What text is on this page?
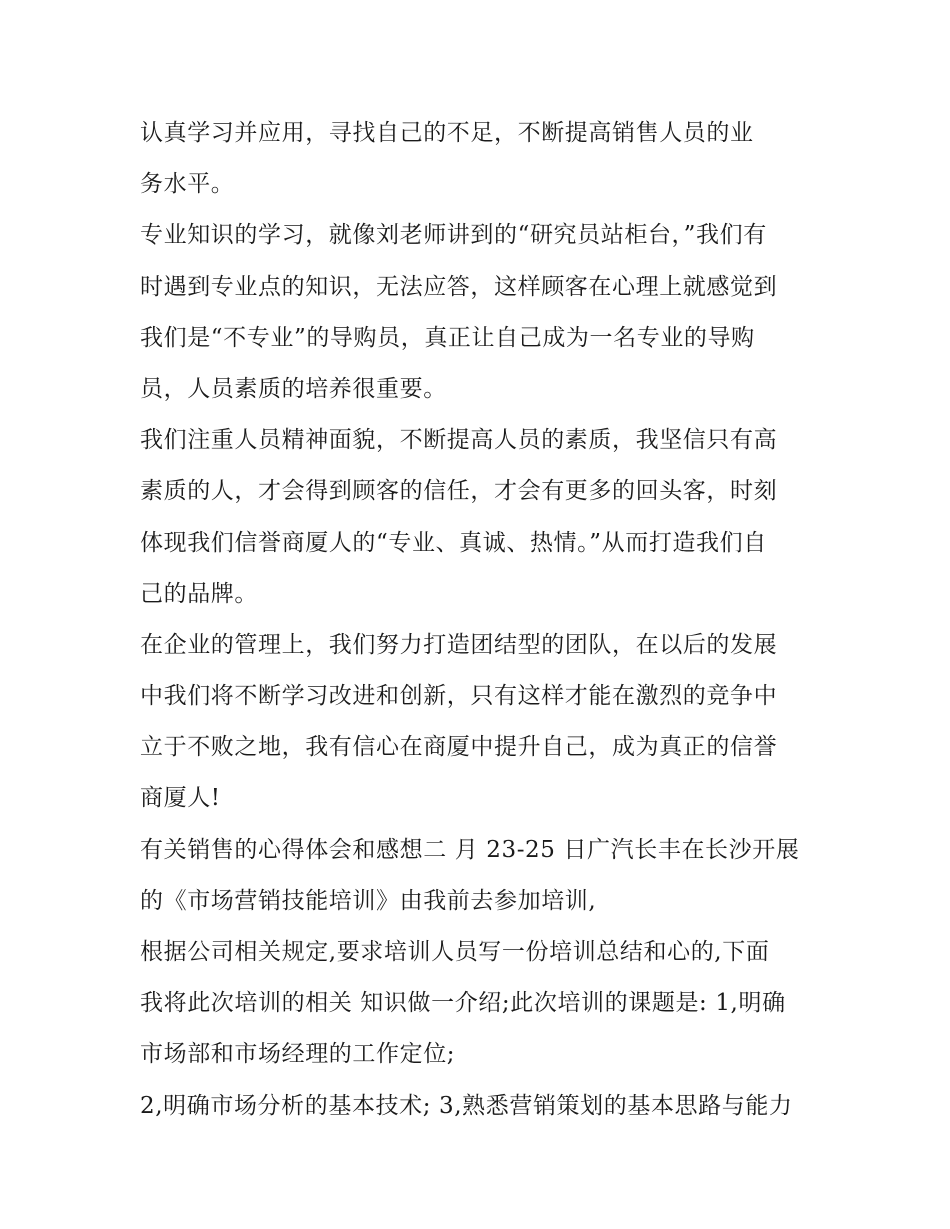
认真学习并应用，寻找自己的不足，不断提高销售人员的业
务水平。
专业知识的学习，就像刘老师讲到的“研究员站柜台，”我们有
时遇到专业点的知识，无法应答，这样顾客在心理上就感觉到
我们是“不专业”的导购员，真正让自己成为一名专业的导购
员，人员素质的培养很重要。
我们注重人员精神面貌，不断提高人员的素质，我坚信只有高
素质的人，才会得到顾客的信任，才会有更多的回头客，时刻
体现我们信誉商厦人的“专业、真诚、热情。”从而打造我们自
己的品牌。
在企业的管理上，我们努力打造团结型的团队，在以后的发展
中我们将不断学习改进和创新，只有这样才能在激烈的竞争中
立于不败之地，我有信心在商厦中提升自己，成为真正的信誉
商厦人!
有关销售的心得体会和感想二 月 23-25 日广汽长丰在长沙开展
的《市场营销技能培训》由我前去参加培训,
根据公司相关规定,要求培训人员写一份培训总结和心的,下面
我将此次培训的相关 知识做一介绍;此次培训的课题是: 1,明确
市场部和市场经理的工作定位;
2,明确市场分析的基本技术; 3,熟悉营销策划的基本思路与能力
